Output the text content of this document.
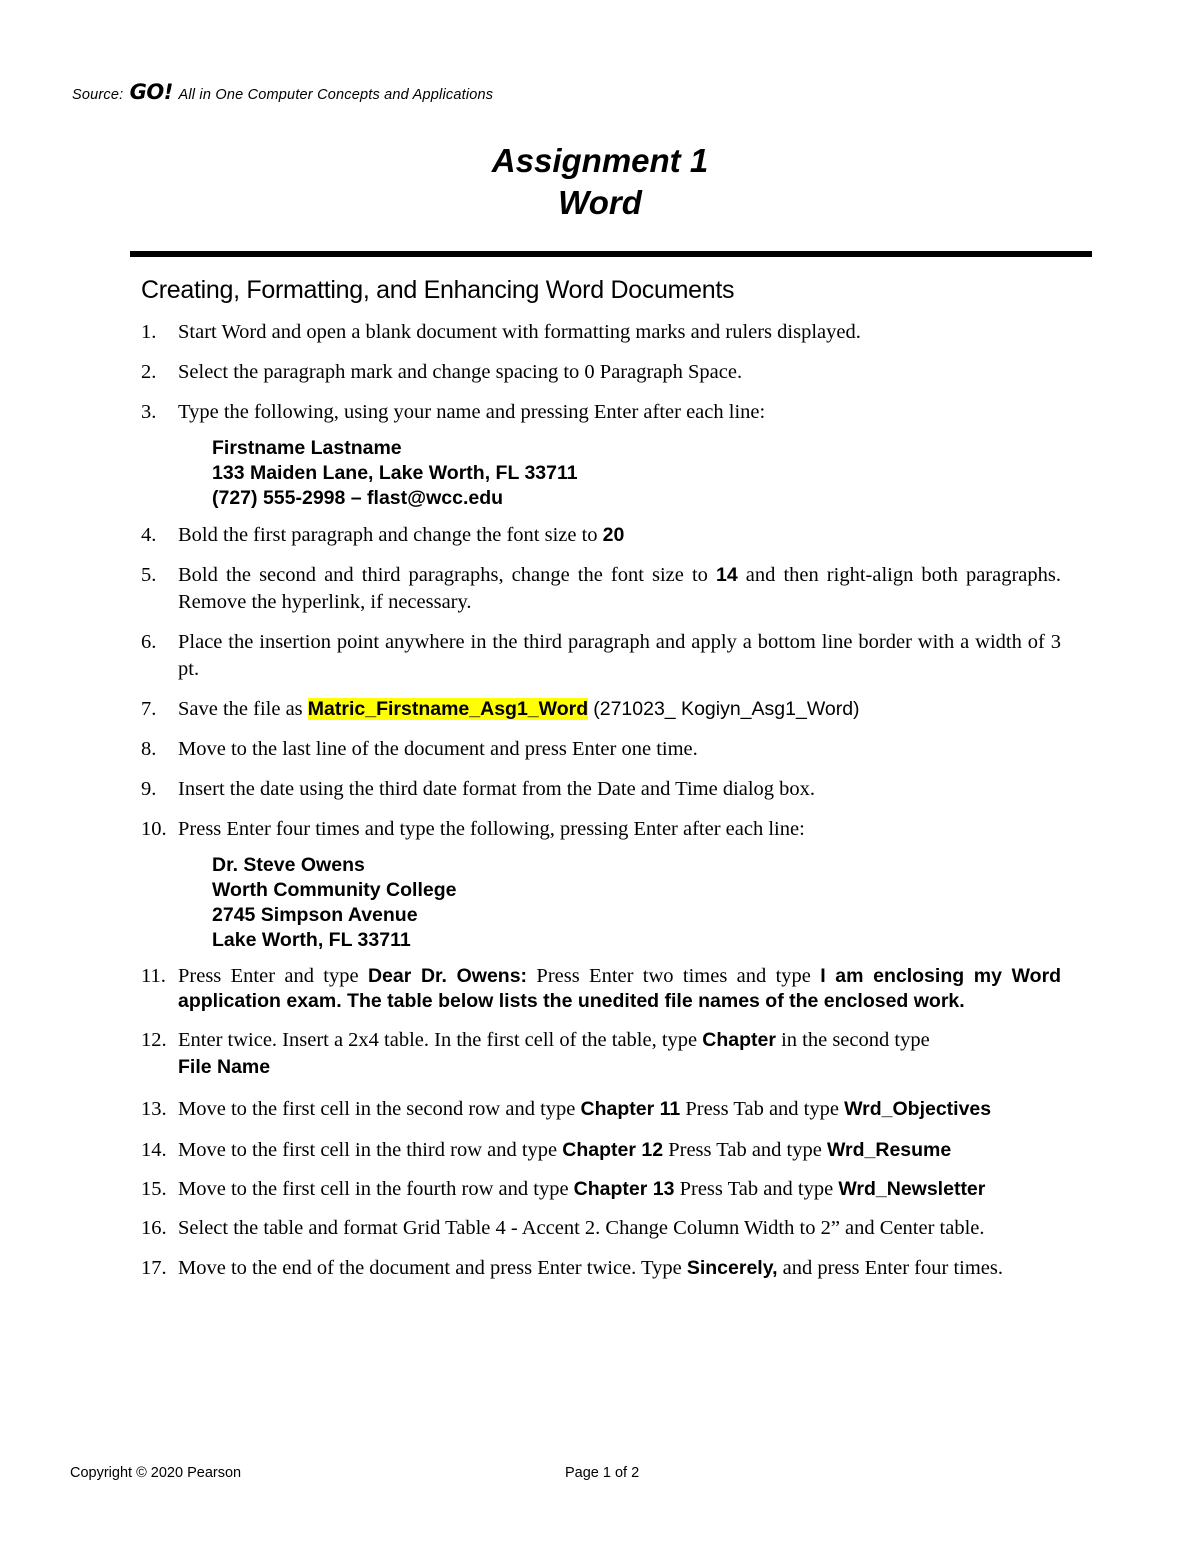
Source: GO! All in One Computer Concepts and Applications
Assignment 1
Word
Creating, Formatting, and Enhancing Word Documents
1. Start Word and open a blank document with formatting marks and rulers displayed.
2. Select the paragraph mark and change spacing to 0 Paragraph Space.
3. Type the following, using your name and pressing Enter after each line:
Firstname Lastname
133 Maiden Lane, Lake Worth, FL 33711
(727) 555-2998 – flast@wcc.edu
4. Bold the first paragraph and change the font size to 20
5. Bold the second and third paragraphs, change the font size to 14 and then right-align both paragraphs. Remove the hyperlink, if necessary.
6. Place the insertion point anywhere in the third paragraph and apply a bottom line border with a width of 3 pt.
7. Save the file as Matric_Firstname_Asg1_Word (271023_ Kogiyn_Asg1_Word)
8. Move to the last line of the document and press Enter one time.
9. Insert the date using the third date format from the Date and Time dialog box.
10. Press Enter four times and type the following, pressing Enter after each line:
Dr. Steve Owens
Worth Community College
2745 Simpson Avenue
Lake Worth, FL 33711
11. Press Enter and type Dear Dr. Owens: Press Enter two times and type I am enclosing my Word application exam. The table below lists the unedited file names of the enclosed work.
12. Enter twice. Insert a 2x4 table. In the first cell of the table, type Chapter in the second type
File Name
13. Move to the first cell in the second row and type Chapter 11 Press Tab and type Wrd_Objectives
14. Move to the first cell in the third row and type Chapter 12 Press Tab and type Wrd_Resume
15. Move to the first cell in the fourth row and type Chapter 13 Press Tab and type Wrd_Newsletter
16. Select the table and format Grid Table 4 - Accent 2. Change Column Width to 2” and Center table.
17. Move to the end of the document and press Enter twice. Type Sincerely, and press Enter four times.
Copyright © 2020 Pearson	Page 1 of 2
